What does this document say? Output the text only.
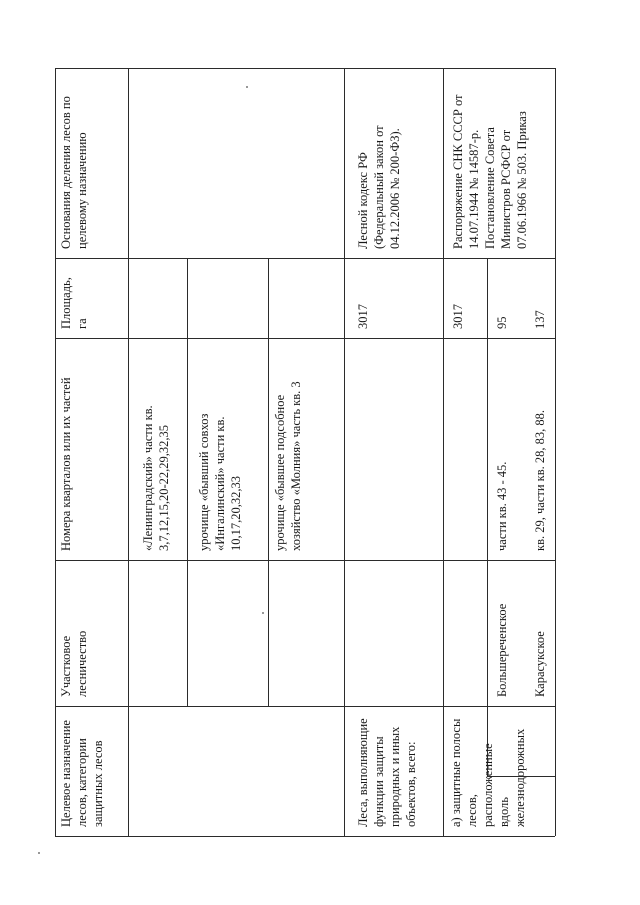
Целевое назначение лесов, категории защитных лесов
Участковое лесничество
Номера кварталов или их частей
Площадь, га
Основания деления лесов по целевому назначению
«Ленинградский» части кв. 3,7,12,15,20-22,29,32,35 урочище «бывший совхоз «Ингалинский» части кв. 10,17,20,32,33 урочище «бывшее подсобное хозяйство «Молния» часть кв. 3
Леса, выполняющие функции защиты природных и иных объектов, всего:
3017
Лесной кодекс РФ (Федеральный закон от 04.12.2006 № 200-ФЗ).
а) защитные полосы лесов, расположенные вдоль железнодорожных
3017
Распоряжение СНК СССР от 14.07.1944 № 14587-р. Постановление Совета Министров РСФСР от 07.06.1966 № 503. Приказ
Большереченское
части кв. 43 - 45.
95
Карасукское
кв. 29, части кв. 28, 83, 88.
137
